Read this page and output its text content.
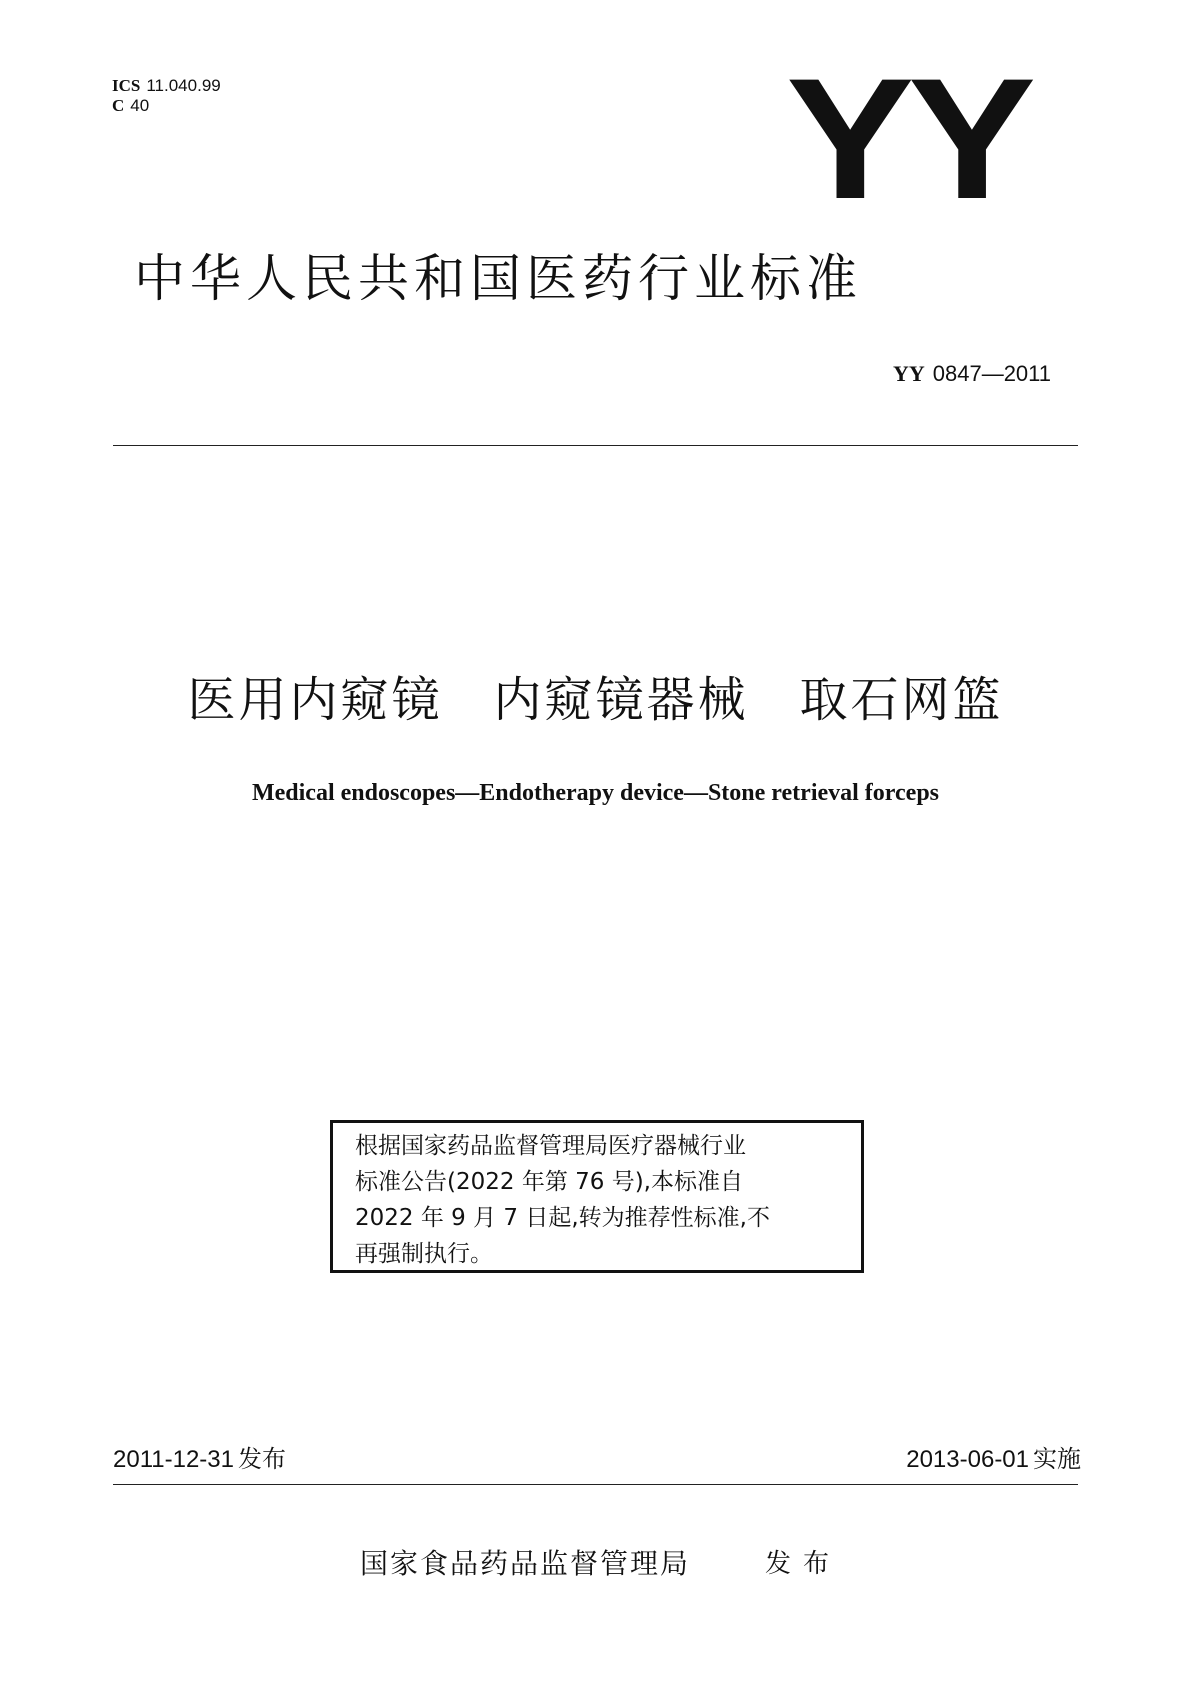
ICS 11.040.99
C 40	YY
中华人民共和国医药行业标准
YY 0847—2011
医用内窥镜　内窥镜器械　取石网篮
Medical endoscopes—Endotherapy device—Stone retrieval forceps
根据国家药品监督管理局医疗器械行业
标准公告(2022 年第 76 号),本标准自
2022 年 9 月 7 日起,转为推荐性标准,不
再强制执行。
2011-12-31 发布	2013-06-01 实施
国家食品药品监督管理局	发布
